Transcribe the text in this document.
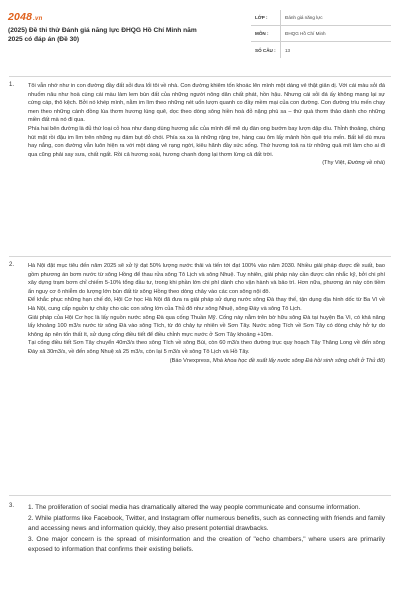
2048.vn
(2025) Đề thi thử Đánh giá năng lực ĐHQG Hồ Chí Minh năm 2025 có đáp án (Đề 30)
LỚP :	Đánh giá năng lực
MÔN :	ĐHQG Hồ Chí Minh
SỐ CÂU :	13
1. Tôi vẫn nhớ như in con đường đầy đất sỏi đưa lối tôi về nhà. Con đường khiêm tốn khoác lên mình một dáng vẻ thật giản dị. Với cái màu sỏi đá nhuốm nâu như hoà cùng cái màu làm lem bùn đất của những người nông dân chất phát, hồn hậu. Nhưng cái sỏi đá ấy không mang lại sự cứng cáp, thô kệch. Bởi nó khép mình, nằm im lìm theo những nét uốn lượn quanh co đầy mềm mại của con đường. Con đường trìu mến chạy men theo những cánh đồng lúa thơm hương lúng quê, dọc theo dòng sông hiền hoà đỏ nặng phù sa – thứ quà thơm thảo dành cho những miền đất mà nó đi qua.

Phía hai bên đường là đủ thứ loại cỏ hoa như đang dùng hương sắc của mình để mê dụ đàn ong bướm bay lượn dập dìu. Thỉnh thoảng, chúng hút mật rồi đậu im lìm trên những nụ đám bụt đỏ chói. Phía xa xa là những rặng tre, hàng cau ôm lấy mảnh hồn quê trìu mến. Bất kể dù mưa hay nắng, con đường vẫn luôn hiện ra với một dáng vẻ rạng ngời, kiêu hãnh đầy sức sống. Thứ hương toả ra từ những quả mít làm cho ai đi qua cũng phải say sưa, chất ngất. Rồi cả hương xoài, hương chanh đọng lại thơm lừng cả đất trời.

(Thy Việt, Đường về nhà)

2. Hà Nội đặt mục tiêu đến năm 2025 sẽ xử lý đạt 50% lượng nước thải và tiến tới đạt 100% vào năm 2030. Nhiều giải pháp được đề xuất, bao gồm phương án bơm nước từ sông Hồng để thau rửa sông Tô Lịch và sông Nhuệ. Tuy nhiên, giải pháp này cần được cân nhắc kỹ, bởi chi phí xây dựng trạm bơm chỉ chiếm 5-10% tổng đầu tư, trong khi phần lớn chi phí dành cho vận hành và bảo trì. Hơn nữa, phương án này còn tiềm ẩn nguy cơ ô nhiễm do lượng lớn bùn đất từ sông Hồng theo dòng chảy vào các con sông nội đô.

Để khắc phục những hạn chế đó, Hội Cơ học Hà Nội đã đưa ra giải pháp sử dụng nước sông Đà thay thế, tận dụng địa hình dốc từ Ba Vì về Hà Nội, cung cấp nguồn tự chảy cho các con sông lớn của Thủ đô như sông Nhuệ, sông Đáy và sông Tô Lịch.

Giải pháp của Hội Cơ học là lấy nguồn nước sông Đà qua cống Thuần Mỹ. Cống này nằm trên bờ hữu sông Đà tại huyện Ba Vì, có khả năng lấy khoảng 100 m3/s nước từ sông Đà vào sông Tích, từ đó chảy tự nhiên về Sơn Tây. Nước sông Tích về Sơn Tây có dòng chảy hở tự do không áp nên tốn thất ít, sử dụng cống điều tiết để điều chỉnh mực nước ở Sơn Tây khoảng +10m.

Tại cống điều tiết Sơn Tây chuyển 40m3/s theo sông Tích về sông Bùi, còn 60 m3/s theo đường trục quy hoạch Tây Thăng Long về đến sông Đáy xả 30m3/s, về đến sông Nhuệ xả 25 m3/s, còn lại 5 m3/s về sông Tô Lịch và Hồ Tây.

(Báo Vnexpress, Nhà khoa học đề xuất lấy nước sông Đà hồi sinh sông chết ở Thủ đô)

3. 1. The proliferation of social media has dramatically altered the way people communicate and consume information.

2. While platforms like Facebook, Twitter, and Instagram offer numerous benefits, such as connecting with friends and family and accessing news and information quickly, they also present potential drawbacks.

3. One major concern is the spread of misinformation and the creation of "echo chambers," where users are primarily exposed to information that confirms their existing beliefs.
